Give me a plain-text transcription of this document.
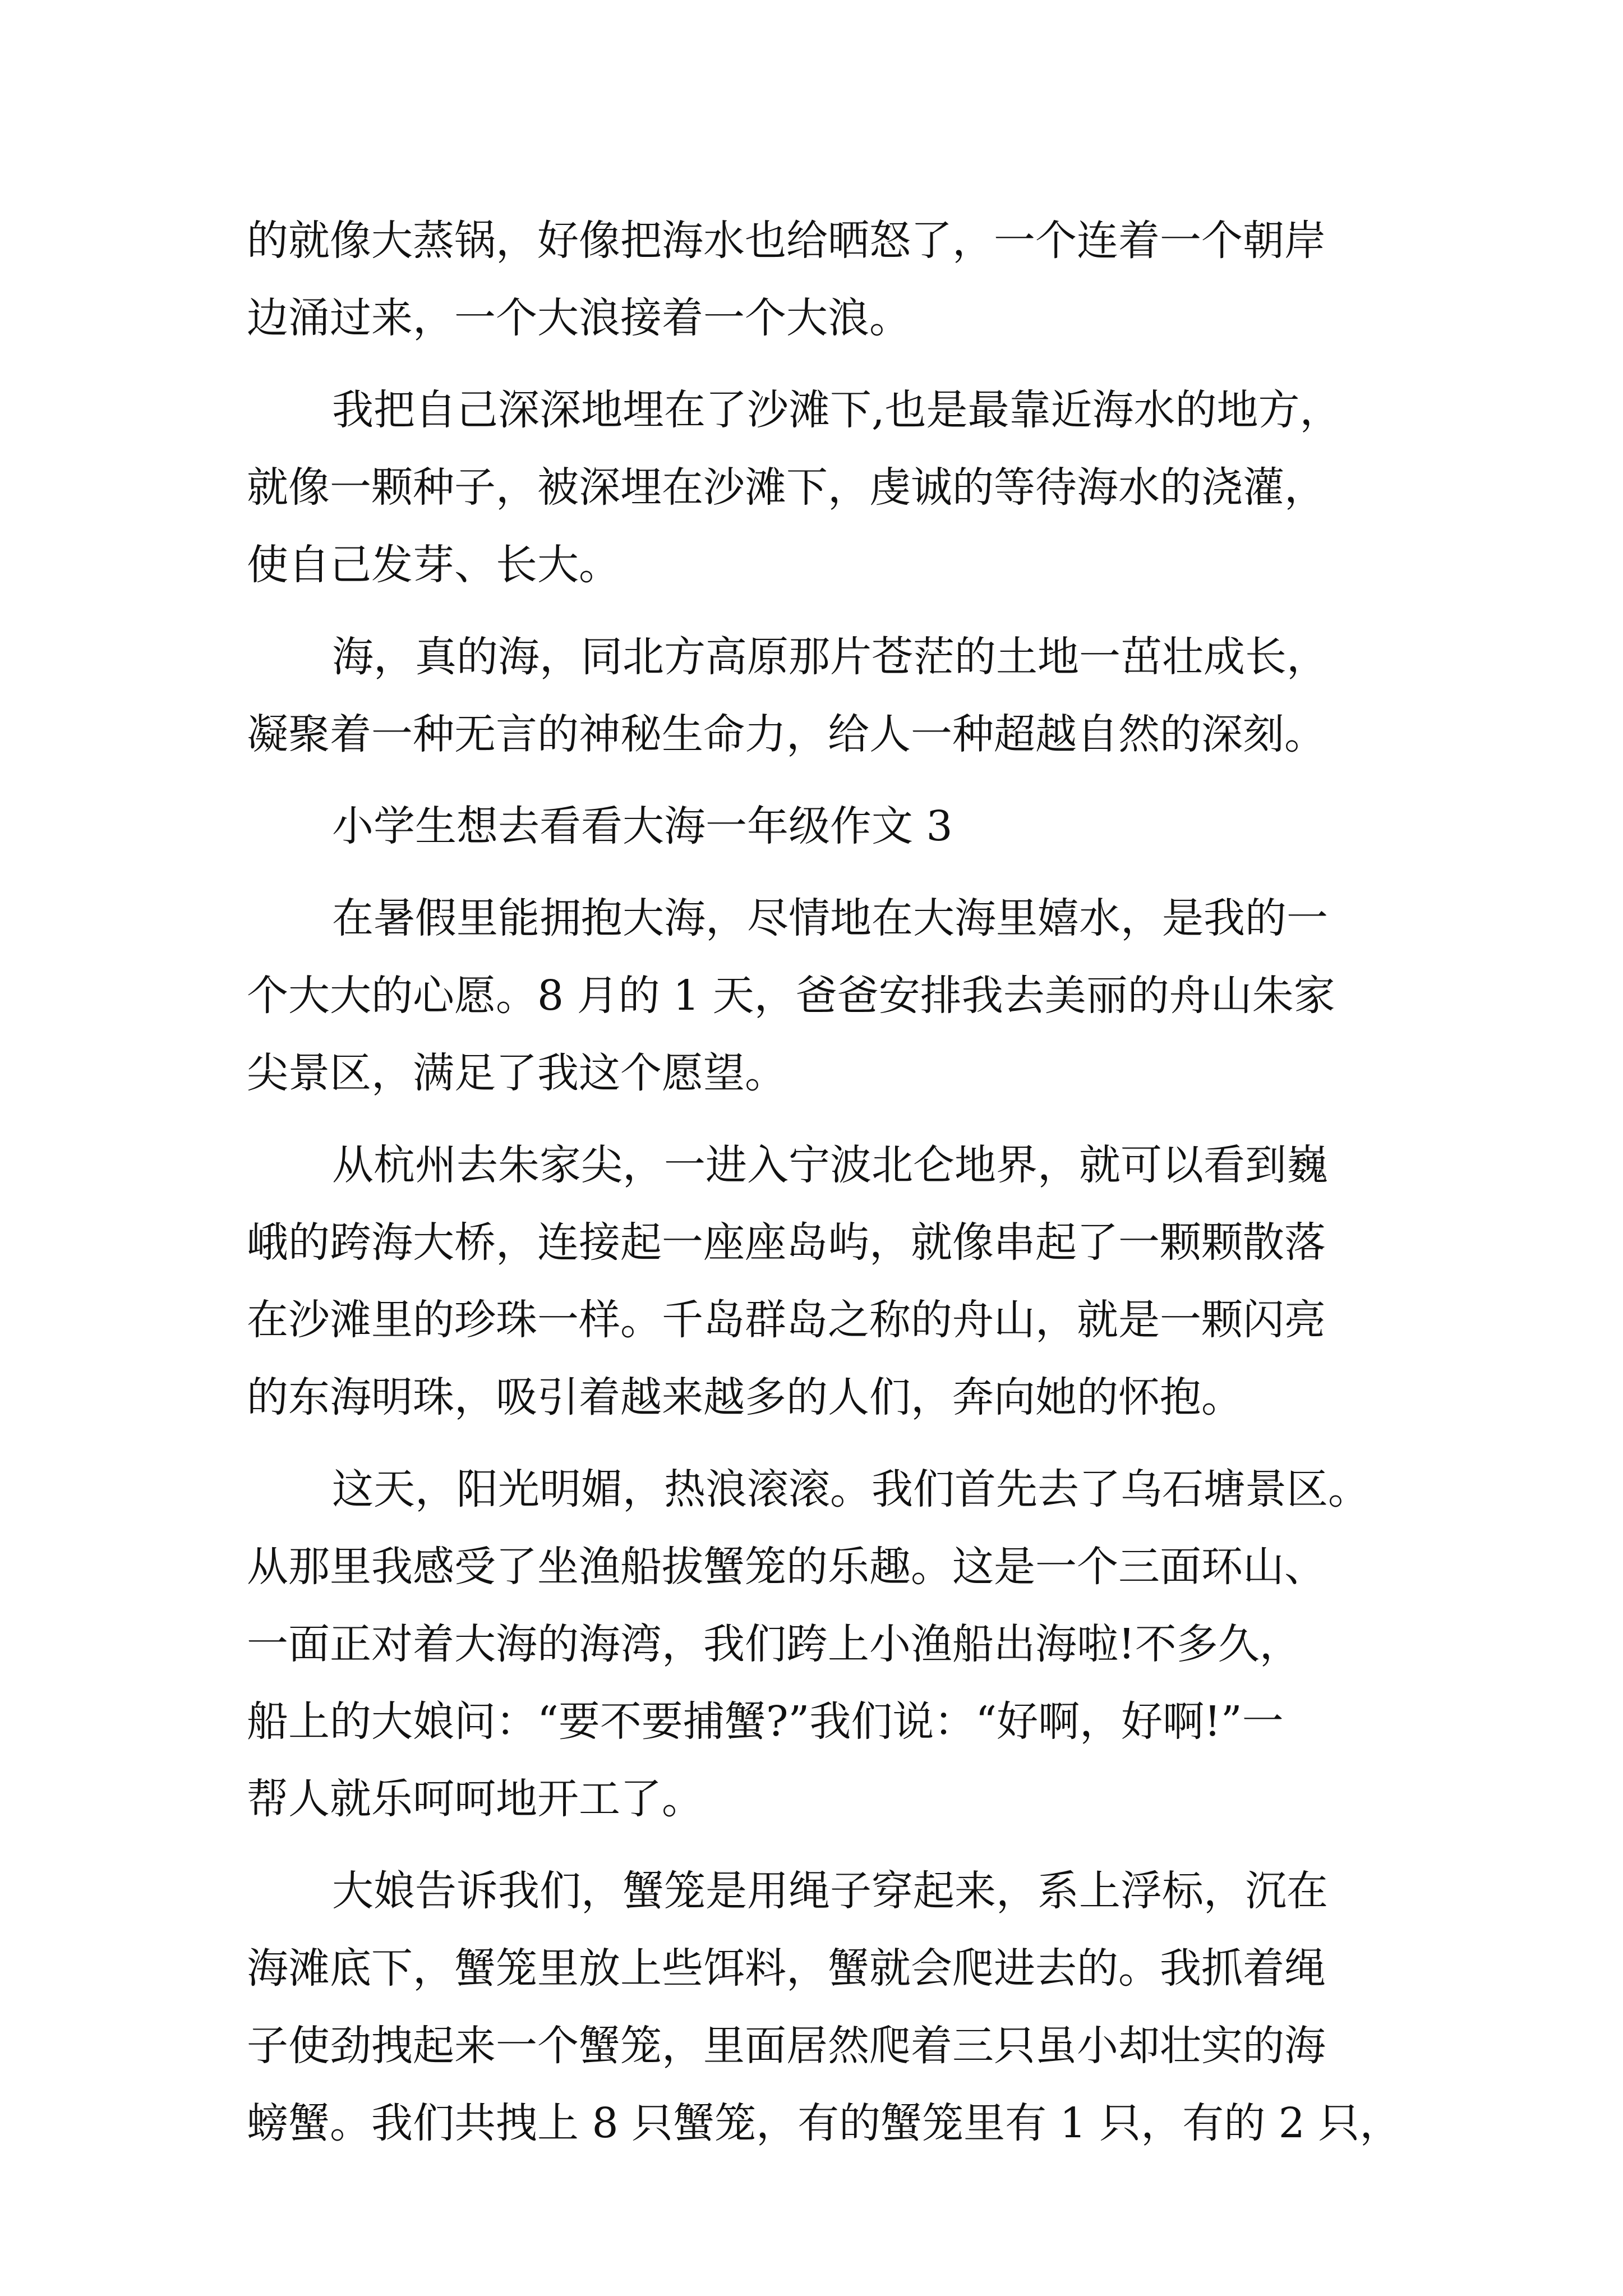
的就像大蒸锅，好像把海水也给晒怒了，一个连着一个朝岸
边涌过来，一个大浪接着一个大浪。
我把自己深深地埋在了沙滩下,也是最靠近海水的地方，
就像一颗种子，被深埋在沙滩下，虔诚的等待海水的浇灌，
使自己发芽、长大。
海，真的海，同北方高原那片苍茫的土地一茁壮成长，
凝聚着一种无言的神秘生命力，给人一种超越自然的深刻。
小学生想去看看大海一年级作文 3
在暑假里能拥抱大海，尽情地在大海里嬉水，是我的一
个大大的心愿。8 月的 1 天，爸爸安排我去美丽的舟山朱家
尖景区，满足了我这个愿望。
从杭州去朱家尖，一进入宁波北仑地界，就可以看到巍
峨的跨海大桥，连接起一座座岛屿，就像串起了一颗颗散落
在沙滩里的珍珠一样。千岛群岛之称的舟山，就是一颗闪亮
的东海明珠，吸引着越来越多的人们，奔向她的怀抱。
这天，阳光明媚，热浪滚滚。我们首先去了乌石塘景区。
从那里我感受了坐渔船拔蟹笼的乐趣。这是一个三面环山、
一面正对着大海的海湾，我们跨上小渔船出海啦!不多久，
船上的大娘问：“要不要捕蟹?”我们说：“好啊，好啊!”一
帮人就乐呵呵地开工了。
大娘告诉我们，蟹笼是用绳子穿起来，系上浮标，沉在
海滩底下，蟹笼里放上些饵料，蟹就会爬进去的。我抓着绳
子使劲拽起来一个蟹笼，里面居然爬着三只虽小却壮实的海
螃蟹。我们共拽上 8 只蟹笼，有的蟹笼里有 1 只，有的 2 只，
